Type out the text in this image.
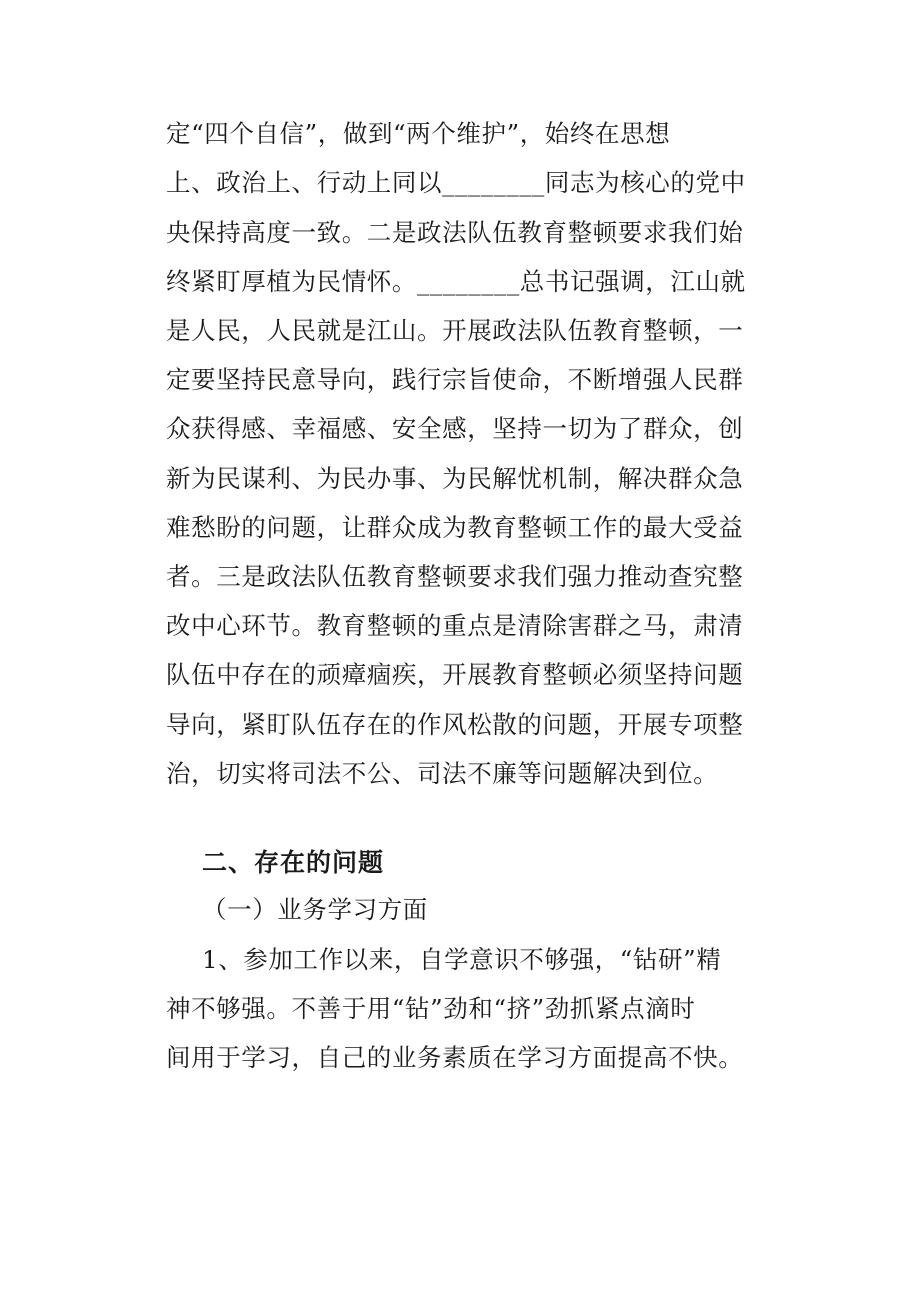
定“四个自信”，做到“两个维护”，始终在思想
上、政治上、行动上同以________同志为核心的党中
央保持高度一致。二是政法队伍教育整顿要求我们始
终紧盯厚植为民情怀。________总书记强调，江山就
是人民，人民就是江山。开展政法队伍教育整顿，一
定要坚持民意导向，践行宗旨使命，不断增强人民群
众获得感、幸福感、安全感，坚持一切为了群众，创
新为民谋利、为民办事、为民解忧机制，解决群众急
难愁盼的问题，让群众成为教育整顿工作的最大受益
者。三是政法队伍教育整顿要求我们强力推动查究整
改中心环节。教育整顿的重点是清除害群之马，肃清
队伍中存在的顽瘴痼疾，开展教育整顿必须坚持问题
导向，紧盯队伍存在的作风松散的问题，开展专项整
治，切实将司法不公、司法不廉等问题解决到位。
二、存在的问题
（一）业务学习方面
1、参加工作以来，自学意识不够强，“钻研”精
神不够强。不善于用“钻”劲和“挤”劲抓紧点滴时
间用于学习，自己的业务素质在学习方面提高不快。
